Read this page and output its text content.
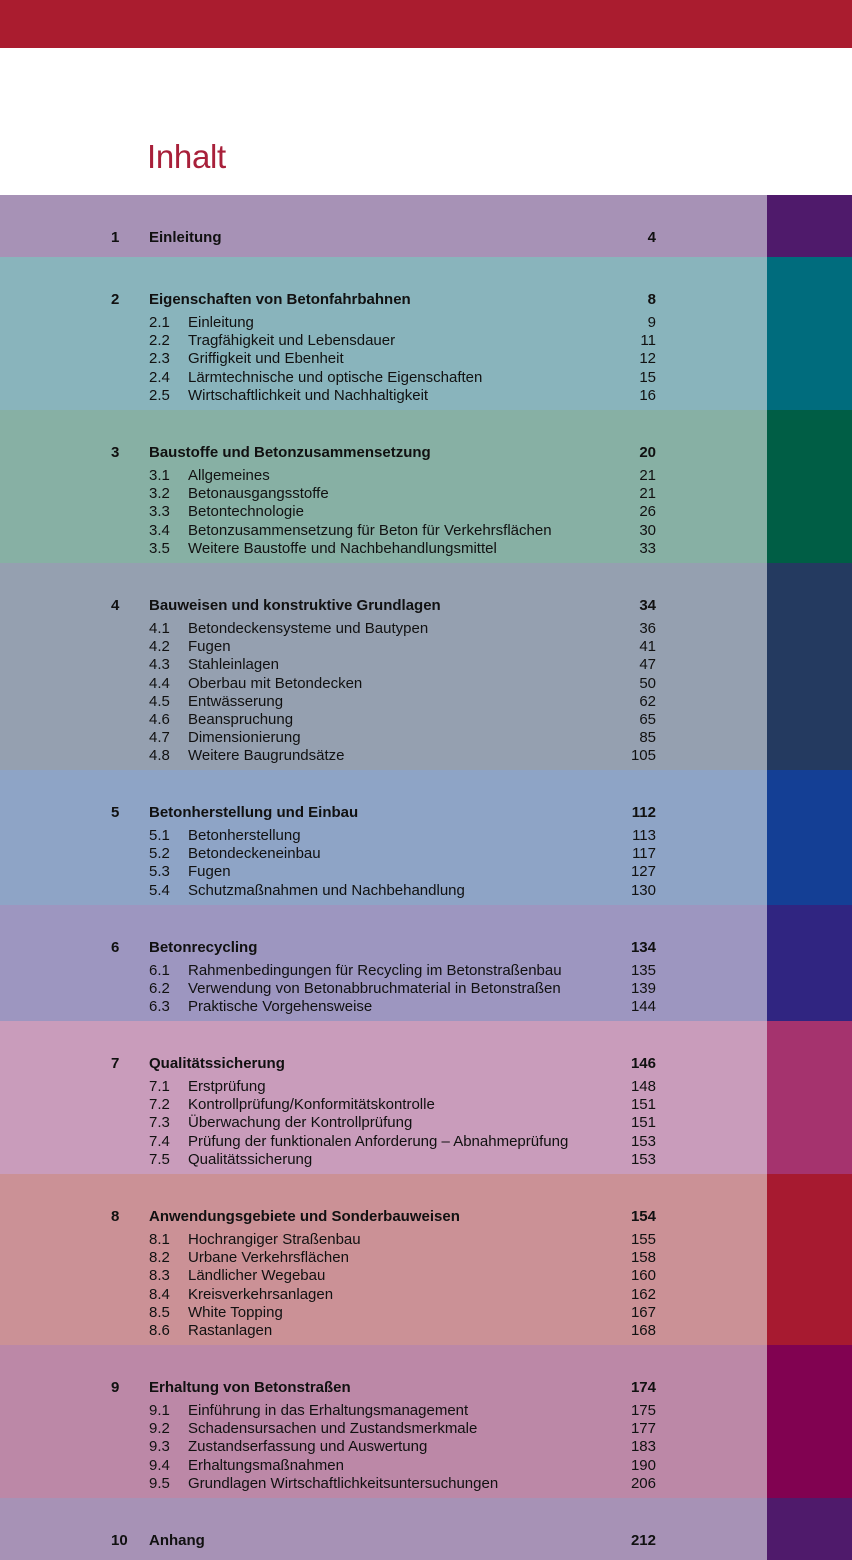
Inhalt
1 Einleitung	4
2 Eigenschaften von Betonfahrbahnen	8
2.1 Einleitung	9
2.2 Tragfähigkeit und Lebensdauer	11
2.3 Griffigkeit und Ebenheit	12
2.4 Lärmtechnische und optische Eigenschaften	15
2.5 Wirtschaftlichkeit und Nachhaltigkeit	16
3 Baustoffe und Betonzusammensetzung	20
3.1 Allgemeines	21
3.2 Betonausgangsstoffe	21
3.3 Betontechnologie	26
3.4 Betonzusammensetzung für Beton für Verkehrsflächen	30
3.5 Weitere Baustoffe und Nachbehandlungsmittel	33
4 Bauweisen und konstruktive Grundlagen	34
4.1 Betondeckensysteme und Bautypen	36
4.2 Fugen	41
4.3 Stahleinlagen	47
4.4 Oberbau mit Betondecken	50
4.5 Entwässerung	62
4.6 Beanspruchung	65
4.7 Dimensionierung	85
4.8 Weitere Baugrundsätze	105
5 Betonherstellung und Einbau	112
5.1 Betonherstellung	113
5.2 Betondeckeneinbau	117
5.3 Fugen	127
5.4 Schutzmaßnahmen und Nachbehandlung	130
6 Betonrecycling	134
6.1 Rahmenbedingungen für Recycling im Betonstraßenbau	135
6.2 Verwendung von Betonabbruchmaterial in Betonstraßen	139
6.3 Praktische Vorgehensweise	144
7 Qualitätssicherung	146
7.1 Erstprüfung	148
7.2 Kontrollprüfung/Konformitätskontrolle	151
7.3 Überwachung der Kontrollprüfung	151
7.4 Prüfung der funktionalen Anforderung – Abnahmeprüfung	153
7.5 Qualitätssicherung	153
8 Anwendungsgebiete und Sonderbauweisen	154
8.1 Hochrangiger Straßenbau	155
8.2 Urbane Verkehrsflächen	158
8.3 Ländlicher Wegebau	160
8.4 Kreisverkehrsanlagen	162
8.5 White Topping	167
8.6 Rastanlagen	168
9 Erhaltung von Betonstraßen	174
9.1 Einführung in das Erhaltungsmanagement	175
9.2 Schadensursachen und Zustandsmerkmale	177
9.3 Zustandserfassung und Auswertung	183
9.4 Erhaltungsmaßnahmen	190
9.5 Grundlagen Wirtschaftlichkeitsuntersuchungen	206
10 Anhang	212
